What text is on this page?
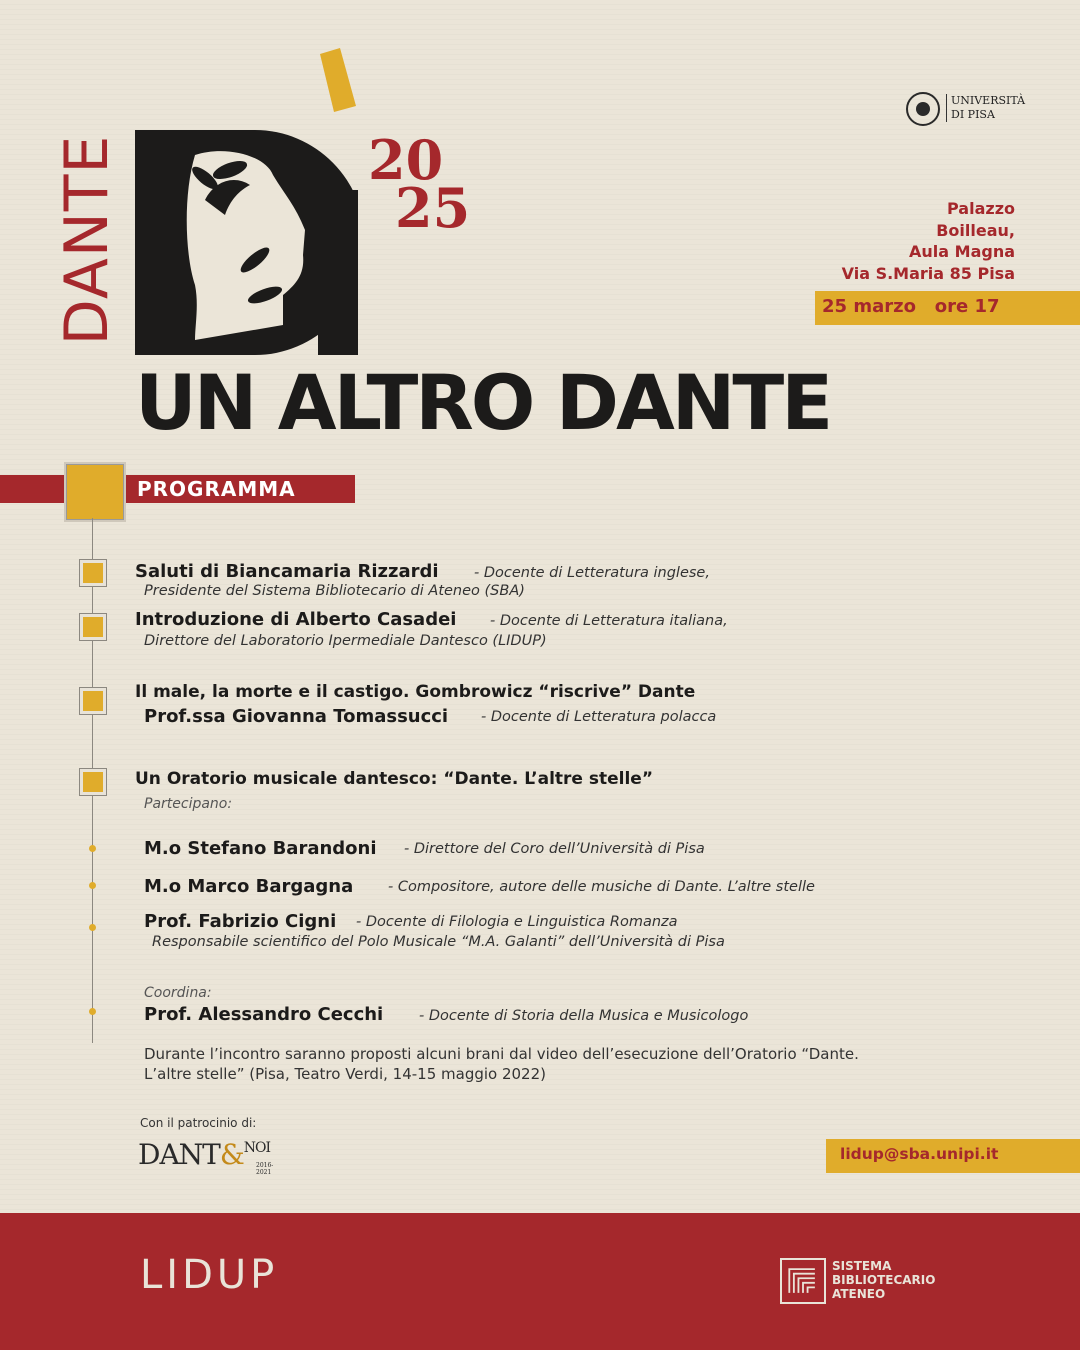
DANTE	20
25
UN ALTRO DANTE
UNIVERSITÀ
DI PISA
Palazzo
Boilleau,
Aula Magna
Via S.Maria 85 Pisa
25 marzo   ore 17
PROGRAMMA
Saluti di Biancamaria Rizzardi - Docente di Letteratura inglese,
Presidente del Sistema Bibliotecario di Ateneo (SBA)
Introduzione di Alberto Casadei - Docente di Letteratura italiana,
Direttore del Laboratorio Ipermediale Dantesco (LIDUP)
Il male, la morte e il castigo. Gombrowicz “riscrive” Dante
Prof.ssa Giovanna Tomassucci - Docente di Letteratura polacca
Un Oratorio musicale dantesco: “Dante. L’altre stelle”
Partecipano:
M.o Stefano Barandoni - Direttore del Coro dell’Università di Pisa
M.o Marco Bargagna - Compositore, autore delle musiche di Dante. L’altre stelle
Prof. Fabrizio Cigni - Docente di Filologia e Linguistica Romanza
Responsabile scientifico del Polo Musicale “M.A. Galanti” dell’Università di Pisa
Coordina:
Prof. Alessandro Cecchi - Docente di Storia della Musica e Musicologo
Durante l’incontro saranno proposti alcuni brani dal video dell’esecuzione dell’Oratorio “Dante.
L’altre stelle” (Pisa, Teatro Verdi, 14-15 maggio 2022)
Con il patrocinio di:
DANT&$^{NOI}$
2016-2021
lidup@sba.unipi.it
LIDUP	SISTEMA
BIBLIOTECARIO
ATENEO
